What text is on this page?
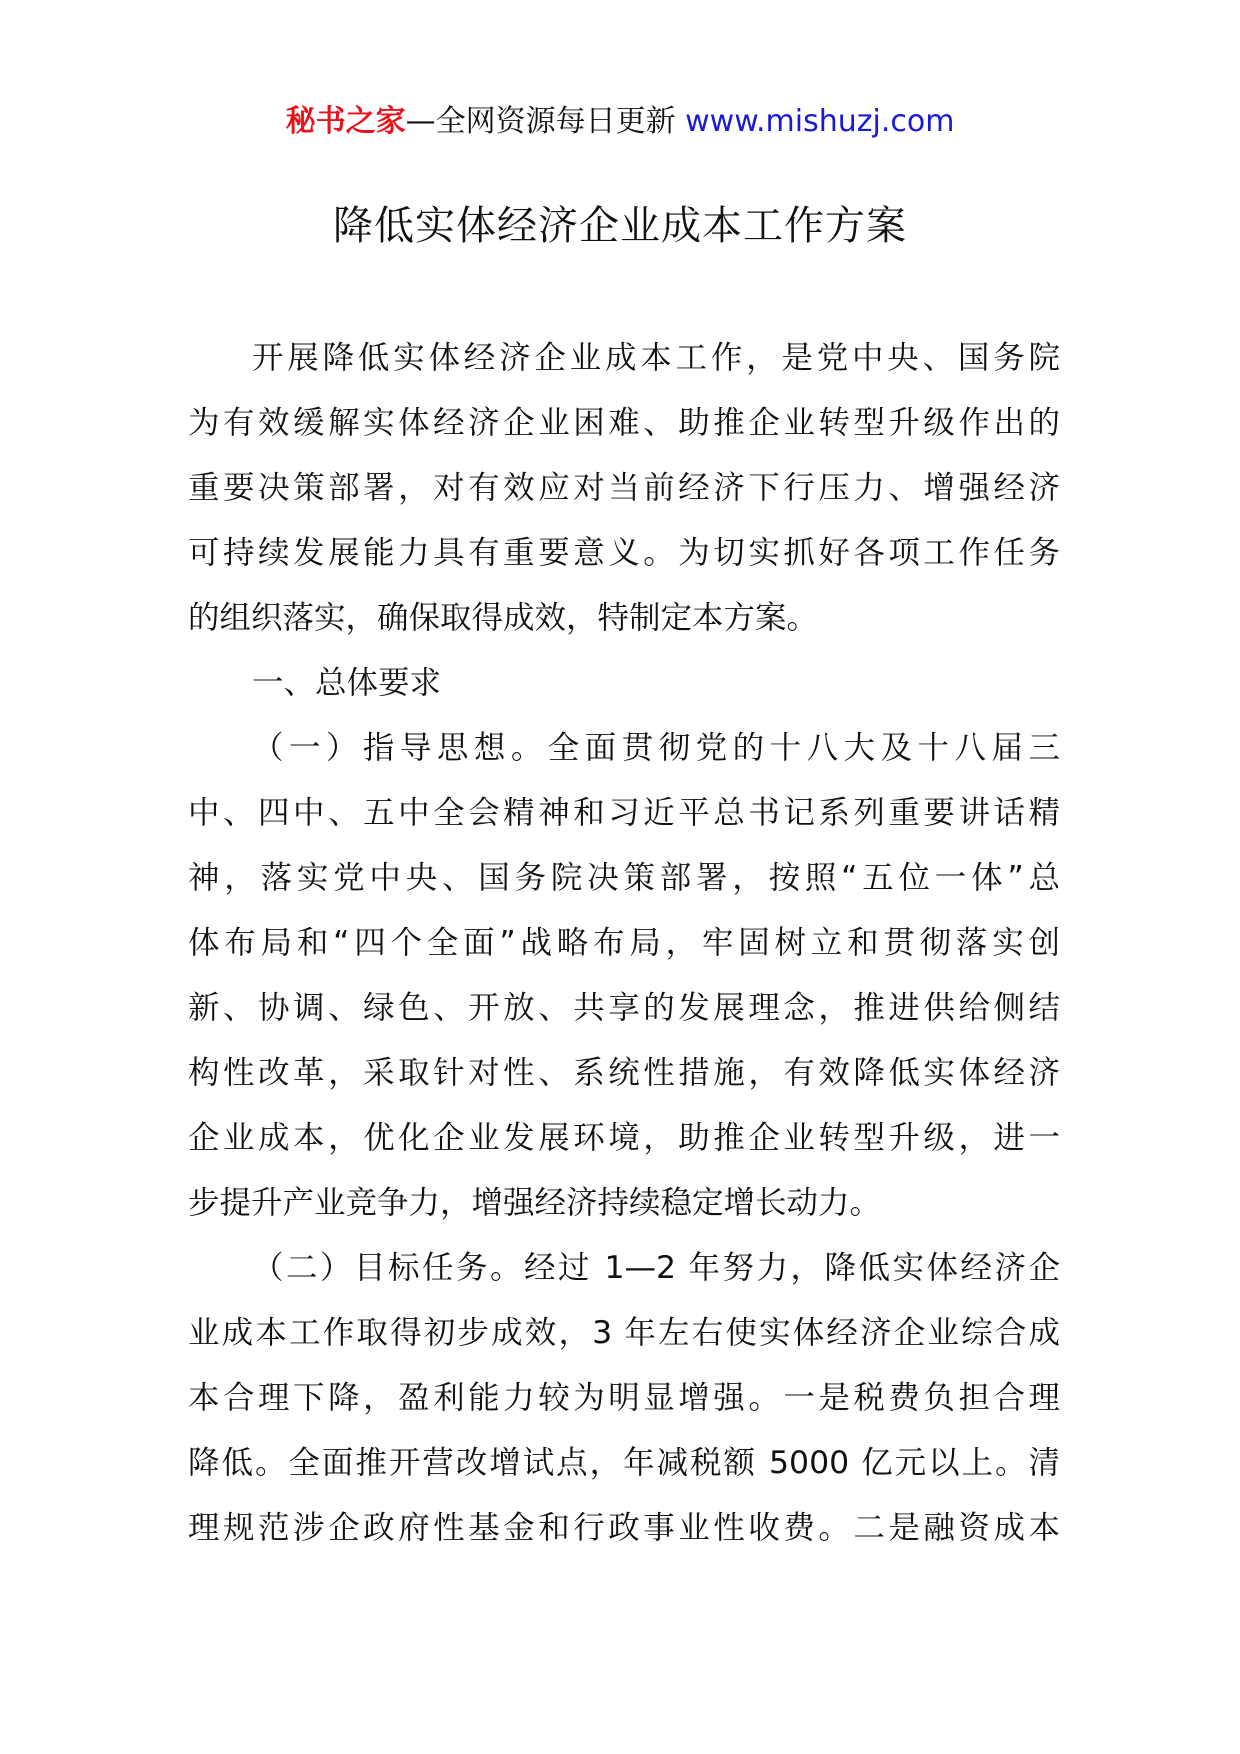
秘书之家—全网资源每日更新 www.mishuzj.com
降低实体经济企业成本工作方案
开展降低实体经济企业成本工作，是党中央、国务院
为有效缓解实体经济企业困难、助推企业转型升级作出的
重要决策部署，对有效应对当前经济下行压力、增强经济
可持续发展能力具有重要意义。为切实抓好各项工作任务
的组织落实，确保取得成效，特制定本方案。
一、总体要求
（一）指导思想。全面贯彻党的十八大及十八届三
中、四中、五中全会精神和习近平总书记系列重要讲话精
神，落实党中央、国务院决策部署，按照“五位一体”总
体布局和“四个全面”战略布局，牢固树立和贯彻落实创
新、协调、绿色、开放、共享的发展理念，推进供给侧结
构性改革，采取针对性、系统性措施，有效降低实体经济
企业成本，优化企业发展环境，助推企业转型升级，进一
步提升产业竞争力，增强经济持续稳定增长动力。
（二）目标任务。经过 1—2 年努力，降低实体经济企
业成本工作取得初步成效，3 年左右使实体经济企业综合成
本合理下降，盈利能力较为明显增强。一是税费负担合理
降低。全面推开营改增试点，年减税额 5000 亿元以上。清
理规范涉企政府性基金和行政事业性收费。二是融资成本
